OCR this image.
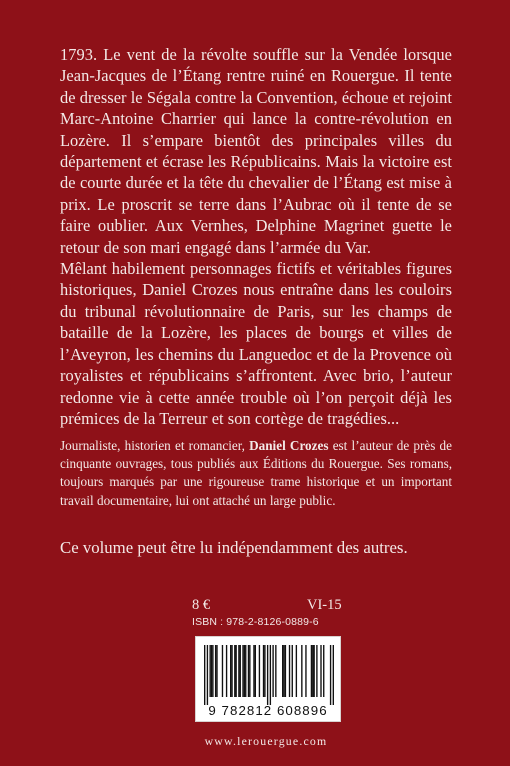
1793. Le vent de la révolte souffle sur la Vendée lorsque Jean-Jacques de l’Étang rentre ruiné en Rouergue. Il tente de dresser le Ségala contre la Convention, échoue et rejoint Marc-Antoine Charrier qui lance la contre-révolution en Lozère. Il s’empare bientôt des principales villes du département et écrase les Républicains. Mais la victoire est de courte durée et la tête du chevalier de l’Étang est mise à prix. Le proscrit se terre dans l’Aubrac où il tente de se faire oublier. Aux Vernhes, Delphine Magrinet guette le retour de son mari engagé dans l’armée du Var.

Mêlant habilement personnages fictifs et véritables figures historiques, Daniel Crozes nous entraîne dans les couloirs du tribunal révolutionnaire de Paris, sur les champs de bataille de la Lozère, les places de bourgs et villes de l’Aveyron, les chemins du Languedoc et de la Provence où royalistes et républicains s’affrontent. Avec brio, l’auteur redonne vie à cette année trouble où l’on perçoit déjà les prémices de la Terreur et son cortège de tragédies...

Journaliste, historien et romancier, Daniel Crozes est l’auteur de près de cinquante ouvrages, tous publiés aux Éditions du Rouergue. Ses romans, toujours marqués par une rigoureuse trame historique et un important travail documentaire, lui ont attaché un large public.
Ce volume peut être lu indépendamment des autres.
8 €	VI-15
ISBN : 978-2-8126-0889-6
9 782812 608896
www.lerouergue.com
